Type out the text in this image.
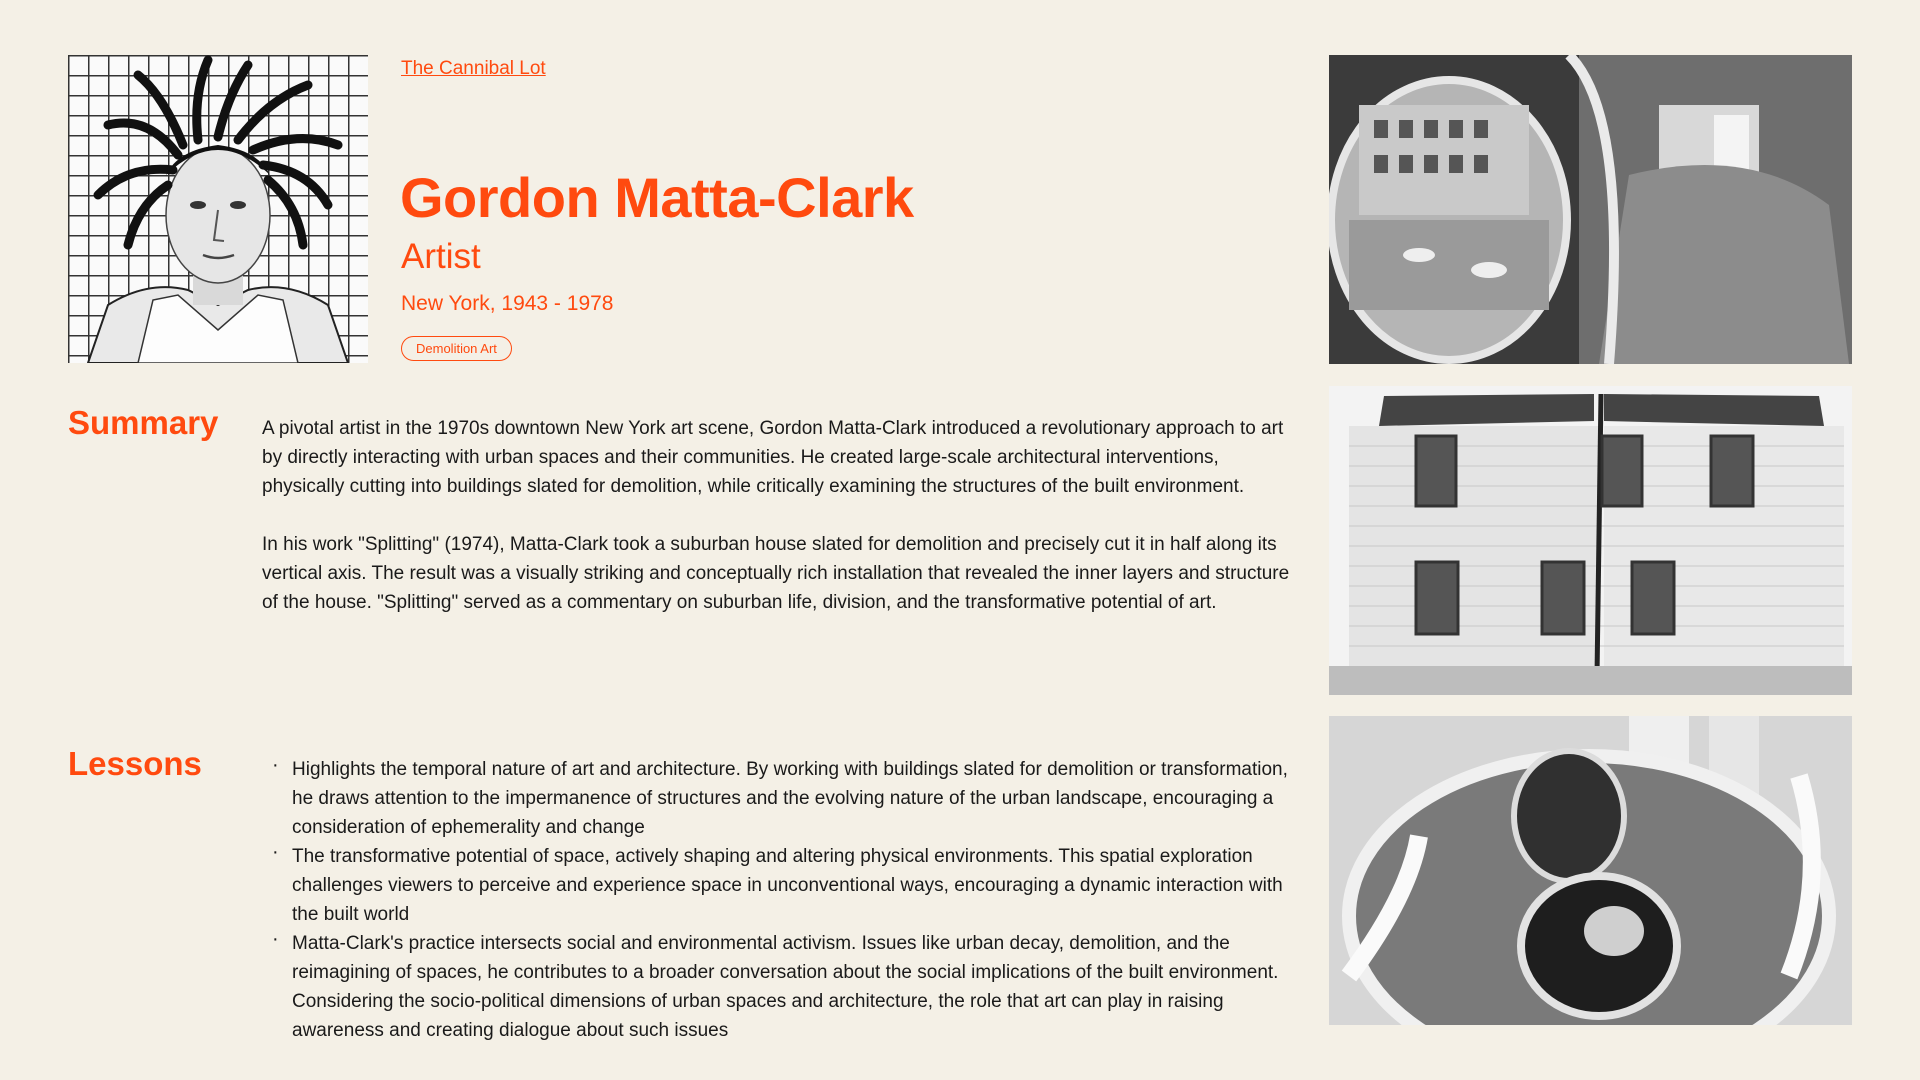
The Cannibal Lot
Gordon Matta-Clark
Artist
New York, 1943 - 1978
Demolition Art
Summary A pivotal artist in the 1970s downtown New York art scene, Gordon Matta-Clark introduced a revolutionary approach to art by directly interacting with urban spaces and their communities. He created large-scale architectural interventions, physically cutting into buildings slated for demolition, while critically examining the structures of the built environment.

In his work "Splitting" (1974), Matta-Clark took a suburban house slated for demolition and precisely cut it in half along its vertical axis. The result was a visually striking and conceptually rich installation that revealed the inner layers and structure of the house. "Splitting" served as a commentary on suburban life, division, and the transformative potential of art.

Lessons
·	Highlights the temporal nature of art and architecture. By working with buildings slated for demolition or transformation, he draws attention to the impermanence of structures and the evolving nature of the urban landscape, encouraging a consideration of ephemerality and change
· The transformative potential of space, actively shaping and altering physical environments. This spatial exploration challenges viewers to perceive and experience space in unconventional ways, encouraging a dynamic interaction with the built world
· Matta-Clark's practice intersects social and environmental activism. Issues like urban decay, demolition, and the reimagining of spaces, he contributes to a broader conversation about the social implications of the built environment. Considering the socio-political dimensions of urban spaces and architecture, the role that art can play in raising awareness and creating dialogue about such issues
